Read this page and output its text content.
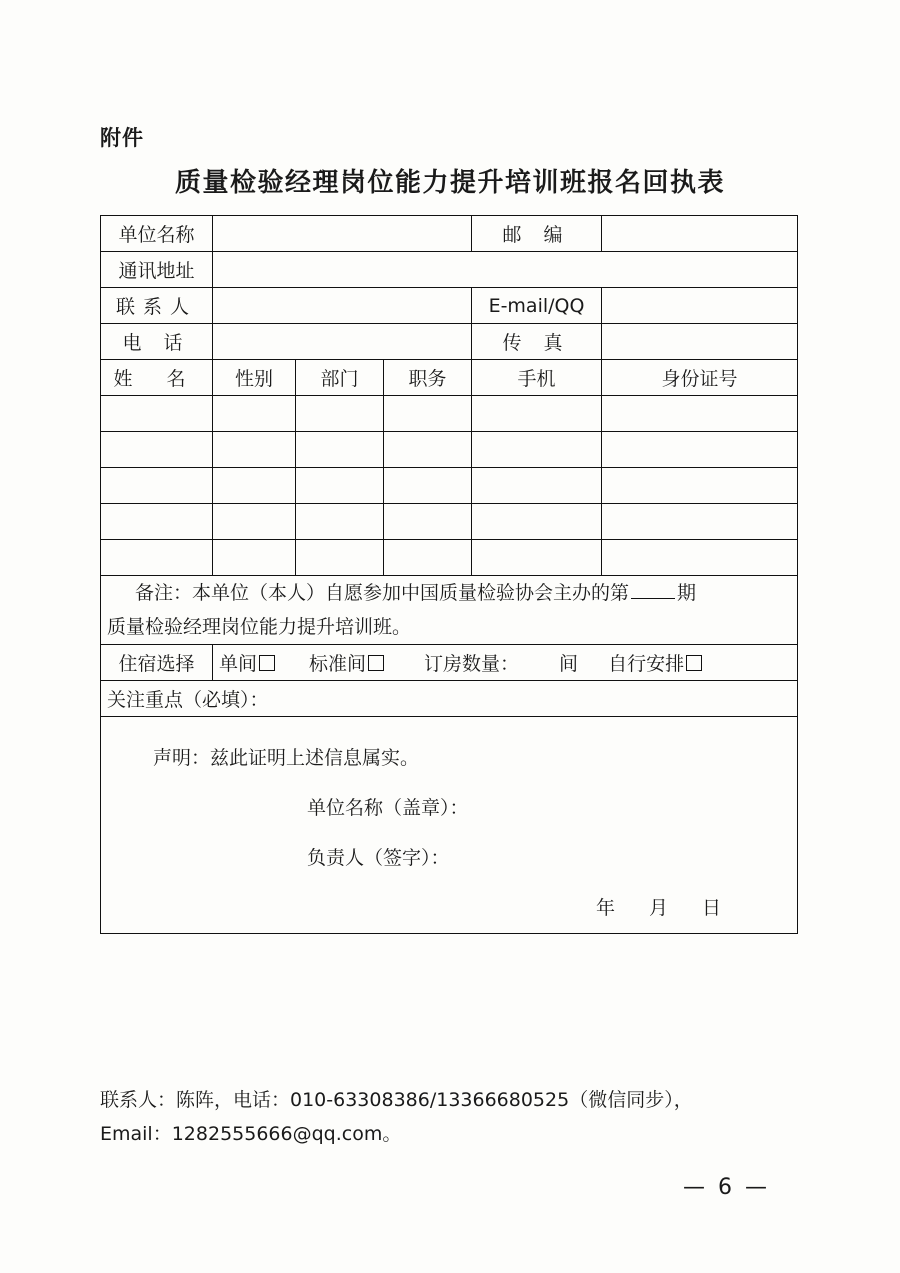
附件
质量检验经理岗位能力提升培训班报名回执表
单位名称				邮 编	
通讯地址					
联系人				E-mail/QQ	
电 话				传 真	
姓 名	性别	部门	职务	手机	身份证号

备注：本单位（本人）自愿参加中国质量检验协会主办的第 期
质量检验经理岗位能力提升培训班。					

住宿选择	单间 标准间 订房数量： 间 自行安排				

关注重点（必填）：					

声明：兹此证明上述信息属实。
单位名称（盖章）：
负责人（签字）：
年 月 日					
联系人：陈阵，电话：010-63308386/13366680525（微信同步），
Email：1282555666@qq.com。
— 6 —
